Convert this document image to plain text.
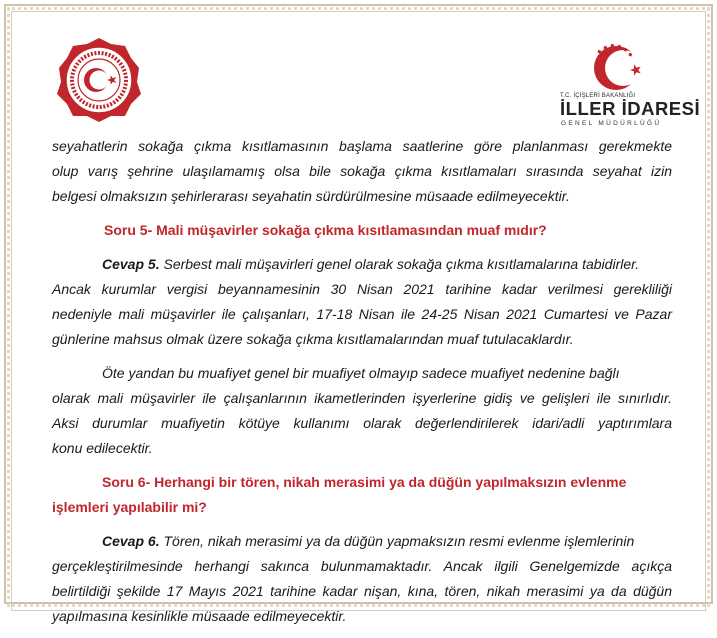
T.C. İÇİŞLERİ BAKANLIĞI
İLLER İDARESİ
GENEL MÜDÜRLÜĞÜ
seyahatlerin sokağa çıkma kısıtlamasının başlama saatlerine göre planlanması gerekmekte
olup varış şehrine ulaşılamamış olsa bile sokağa çıkma kısıtlamaları sırasında seyahat izin
belgesi olmaksızın şehirlerarası seyahatin sürdürülmesine müsaade edilmeyecektir.
Soru 5- Mali müşavirler sokağa çıkma kısıtlamasından muaf mıdır?
Cevap 5. Serbest mali müşavirleri genel olarak sokağa çıkma kısıtlamalarına tabidirler.
Ancak kurumlar vergisi beyannamesinin 30 Nisan 2021 tarihine kadar verilmesi gerekliliği
nedeniyle mali müşavirler ile çalışanları, 17-18 Nisan ile 24-25 Nisan 2021 Cumartesi ve Pazar
günlerine mahsus olmak üzere sokağa çıkma kısıtlamalarından muaf tutulacaklardır.
Öte yandan bu muafiyet genel bir muafiyet olmayıp sadece muafiyet nedenine bağlı
olarak mali müşavirler ile çalışanlarının ikametlerinden işyerlerine gidiş ve gelişleri ile sınırlıdır.
Aksi durumlar muafiyetin kötüye kullanımı olarak değerlendirilerek idari/adli yaptırımlara
konu edilecektir.
Soru 6- Herhangi bir tören, nikah merasimi ya da düğün yapılmaksızın evlenme
işlemleri yapılabilir mi?
Cevap 6. Tören, nikah merasimi ya da düğün yapmaksızın resmi evlenme işlemlerinin
gerçekleştirilmesinde herhangi sakınca bulunmamaktadır. Ancak ilgili Genelgemizde açıkça
belirtildiği şekilde 17 Mayıs 2021 tarihine kadar nişan, kına, tören, nikah merasimi ya da düğün
yapılmasına kesinlikle müsaade edilmeyecektir.
